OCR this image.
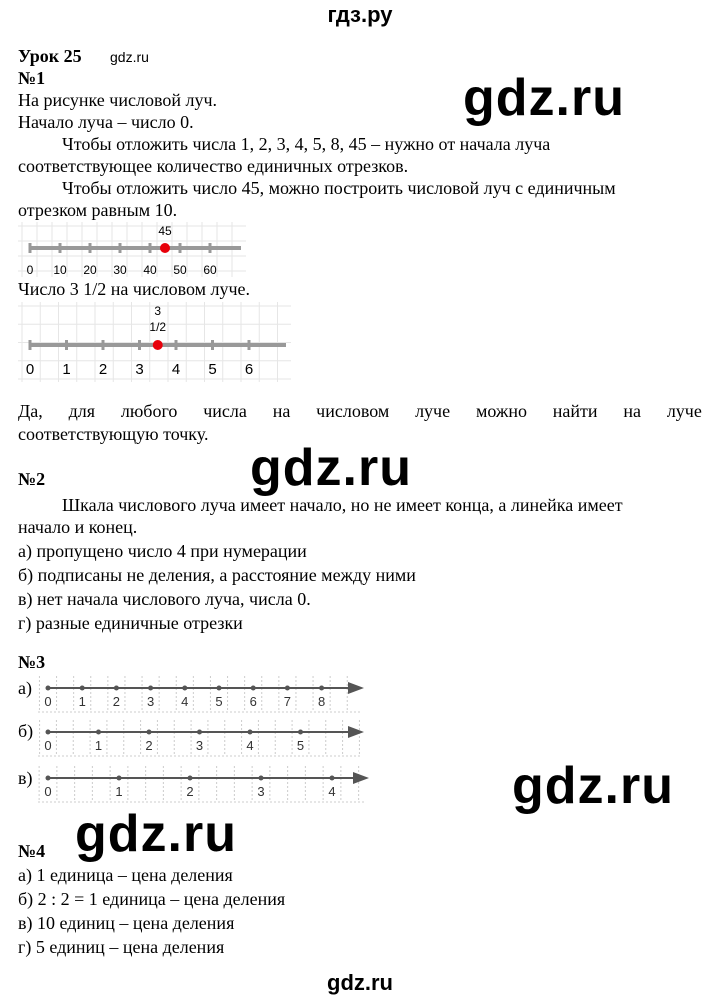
гдз.ру
Урок 25
№1
gdz.ru
На рисунке числовой луч.
Начало луча – число 0.	gdz.ru
Чтобы отложить числа 1, 2, 3, 4, 5, 8, 45 – нужно от начала луча
соответствующее количество единичных отрезков.
Чтобы отложить число 45, можно построить числовой луч с единичным
отрезком равным 10.
0 10 20 30 40 50 60
45
Число 3 1/2 на числовом луче.
0 1 2 3 4 5 6
3
1/2
Да, для любого числа на числовом луче можно найти на луче
соответствующую точку.
gdz.ru
№2
Шкала числового луча имеет начало, но не имеет конца, а линейка имеет
начало и конец.
а) пропущено число 4 при нумерации
б) подписаны не деления, а расстояние между ними
в) нет начала числового луча, числа 0.
г) разные единичные отрезки
№3
а)
б)
в)
0 1 2 3 4 5 6 7 8
0	1	2	3	4	5
0	1	2	3	4	gdz.ru
gdz.ru
№4
а) 1 единица – цена деления
б) 2 : 2 = 1 единица – цена деления
в) 10 единиц – цена деления
г) 5 единиц – цена деления
gdz.ru
